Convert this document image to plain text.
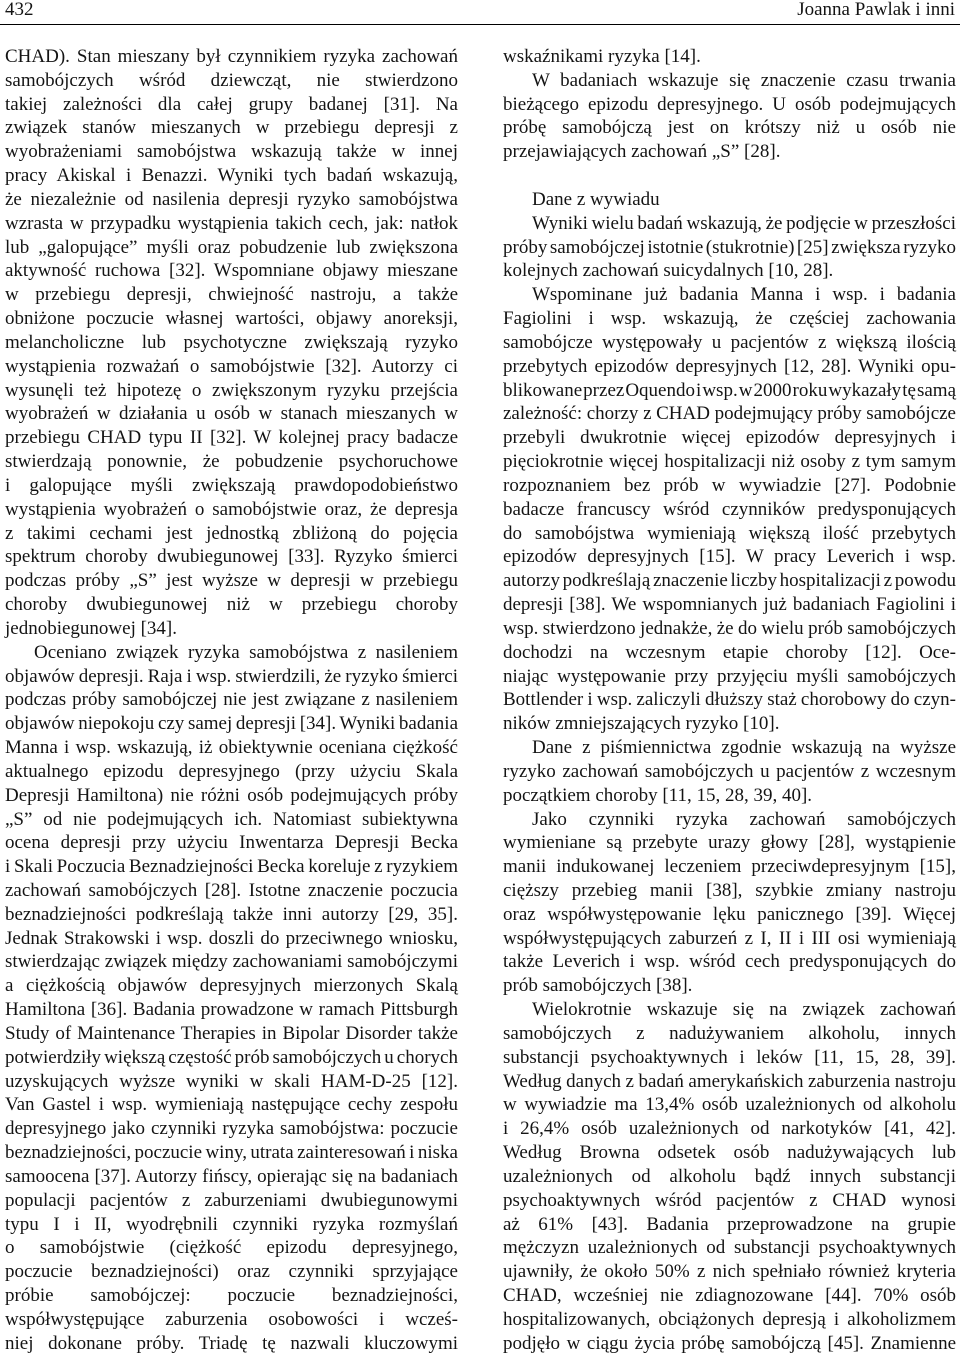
432	Joanna Pawlak i inni
CHAD). Stan mieszany był czynnikiem ryzyka zachowań
samobójczych wśród dziewcząt, nie stwierdzono
takiej zależności dla całej grupy badanej [31]. Na
związek stanów mieszanych w przebiegu depresji z
wyobrażeniami samobójstwa wskazują także w innej
pracy Akiskal i Benazzi. Wyniki tych badań wskazują,
że niezależnie od nasilenia depresji ryzyko samobójstwa
wzrasta w przypadku wystąpienia takich cech, jak: natłok
lub „galopujące” myśli oraz pobudzenie lub zwiększona
aktywność ruchowa [32]. Wspomniane objawy mieszane
w przebiegu depresji, chwiejność nastroju, a także
obniżone poczucie własnej wartości, objawy anoreksji,
melancholiczne lub psychotyczne zwiększają ryzyko
wystąpienia rozważań o samobójstwie [32]. Autorzy ci
wysunęli też hipotezę o zwiększonym ryzyku przejścia
wyobrażeń w działania u osób w stanach mieszanych w
przebiegu CHAD typu II [32]. W kolejnej pracy badacze
stwierdzają ponownie, że pobudzenie psychoruchowe
i galopujące myśli zwiększają prawdopodobieństwo
wystąpienia wyobrażeń o samobójstwie oraz, że depresja
z takimi cechami jest jednostką zbliżoną do pojęcia
spektrum choroby dwubiegunowej [33]. Ryzyko śmierci
podczas próby „S” jest wyższe w depresji w przebiegu
choroby dwubiegunowej niż w przebiegu choroby
jednobiegunowej [34].
Oceniano związek ryzyka samobójstwa z nasileniem
objawów depresji. Raja i wsp. stwierdzili, że ryzyko śmierci
podczas próby samobójczej nie jest związane z nasileniem
objawów niepokoju czy samej depresji [34]. Wyniki badania
Manna i wsp. wskazują, iż obiektywnie oceniana ciężkość
aktualnego epizodu depresyjnego (przy użyciu Skala
Depresji Hamiltona) nie różni osób podejmujących próby
„S” od nie podejmujących ich. Natomiast subiektywna
ocena depresji przy użyciu Inwentarza Depresji Becka
i Skali Poczucia Beznadziejności Becka koreluje z ryzykiem
zachowań samobójczych [28]. Istotne znaczenie poczucia
beznadziejności podkreślają także inni autorzy [29, 35].
Jednak Strakowski i wsp. doszli do przeciwnego wniosku,
stwierdzając związek między zachowaniami samobójczymi
a ciężkością objawów depresyjnych mierzonych Skalą
Hamiltona [36]. Badania prowadzone w ramach Pittsburgh
Study of Maintenance Therapies in Bipolar Disorder także
potwierdziły większą częstość prób samobójczych u chorych
uzyskujących wyższe wyniki w skali HAM-D-25 [12].
Van Gastel i wsp. wymieniają następujące cechy zespołu
depresyjnego jako czynniki ryzyka samobójstwa: poczucie
beznadziejności, poczucie winy, utrata zainteresowań i niska
samoocena [37]. Autorzy fińscy, opierając się na badaniach
populacji pacjentów z zaburzeniami dwubiegunowymi
typu I i II, wyodrębnili czynniki ryzyka rozmyślań
o samobójstwie (ciężkość epizodu depresyjnego,
poczucie beznadziejności) oraz czynniki sprzyjające
próbie samobójczej: poczucie beznadziejności,
współwystępujące zaburzenia osobowości i wcześ-
niej dokonane próby. Triadę tę nazwali kluczowymi
wskaźnikami ryzyka [14].
W badaniach wskazuje się znaczenie czasu trwania
bieżącego epizodu depresyjnego. U osób podejmujących
próbę samobójczą jest on krótszy niż u osób nie
przejawiających zachowań „S” [28].
Dane z wywiadu
Wyniki wielu badań wskazują, że podjęcie w przeszłości
próby samobójczej istotnie (stukrotnie) [25] zwiększa ryzyko
kolejnych zachowań suicydalnych [10, 28].
Wspominane już badania Manna i wsp. i badania
Fagiolini i wsp. wskazują, że częściej zachowania
samobójcze występowały u pacjentów z większą ilością
przebytych epizodów depresyjnych [12, 28]. Wyniki opu-
blikowane przez Oquendo i wsp. w 2000 roku wykazały tę samą
zależność: chorzy z CHAD podejmujący próby samobójcze
przebyli dwukrotnie więcej epizodów depresyjnych i
pięciokrotnie więcej hospitalizacji niż osoby z tym samym
rozpoznaniem bez prób w wywiadzie [27]. Podobnie
badacze francuscy wśród czynników predysponujących
do samobójstwa wymieniają większą ilość przebytych
epizodów depresyjnych [15]. W pracy Leverich i wsp.
autorzy podkreślają znaczenie liczby hospitalizacji z powodu
depresji [38]. We wspomnianych już badaniach Fagiolini i
wsp. stwierdzono jednakże, że do wielu prób samobójczych
dochodzi na wczesnym etapie choroby [12]. Oce-
niając występowanie przy przyjęciu myśli samobójczych
Bottlender i wsp. zaliczyli dłuższy staż chorobowy do czyn-
ników zmniejszających ryzyko [10].
Dane z piśmiennictwa zgodnie wskazują na wyższe
ryzyko zachowań samobójczych u pacjentów z wczesnym
początkiem choroby [11, 15, 28, 39, 40].
Jako czynniki ryzyka zachowań samobójczych
wymieniane są przebyte urazy głowy [28], wystąpienie
manii indukowanej leczeniem przeciwdepresyjnym [15],
cięższy przebieg manii [38], szybkie zmiany nastroju
oraz współwystępowanie lęku panicznego [39]. Więcej
współwystępujących zaburzeń z I, II i III osi wymieniają
także Leverich i wsp. wśród cech predysponujących do
prób samobójczych [38].
Wielokrotnie wskazuje się na związek zachowań
samobójczych z nadużywaniem alkoholu, innych
substancji psychoaktywnych i leków [11, 15, 28, 39].
Według danych z badań amerykańskich zaburzenia nastroju
w wywiadzie ma 13,4% osób uzależnionych od alkoholu
i 26,4% osób uzależnionych od narkotyków [41, 42].
Według Browna odsetek osób nadużywających lub
uzależnionych od alkoholu bądź innych substancji
psychoaktywnych wśród pacjentów z CHAD wynosi
aż 61% [43]. Badania przeprowadzone na grupie
mężczyzn uzależnionych od substancji psychoaktywnych
ujawniły, że około 50% z nich spełniało również kryteria
CHAD, wcześniej nie zdiagnozowane [44]. 70% osób
hospitalizowanych, obciążonych depresją i alkoholizmem
podjęło w ciągu życia próbę samobójczą [45]. Znamienne
